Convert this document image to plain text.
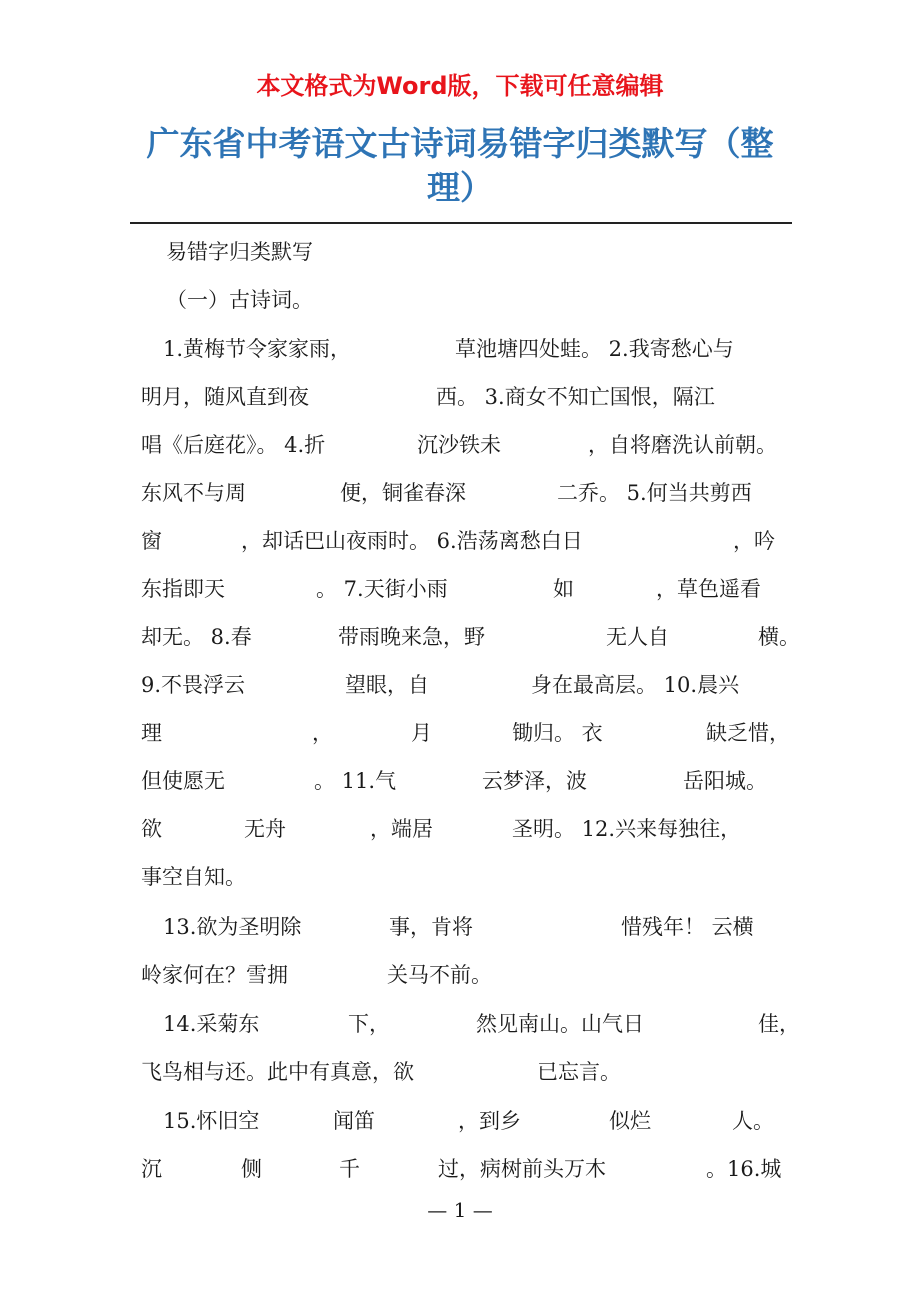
本文格式为Word版，下载可任意编辑
广东省中考语文古诗词易错字归类默写（整理）
易错字归类默写
（一）古诗词。
1.黄梅节令家家雨，	草池塘四处蛙。 2.我寄愁心与
明月，随风直到夜	西。 3.商女不知亡国恨，隔江
唱《后庭花》。 4.折	沉沙铁未	，自将磨洗认前朝。
东风不与周	便，铜雀春深	二乔。 5.何当共剪西
窗	，却话巴山夜雨时。 6.浩荡离愁白日	，吟
东指即天	。 7.天街小雨	如	，草色遥看
却无。 8.春	带雨晚来急，野	无人自	横。
9.不畏浮云	望眼，自	身在最高层。 10.晨兴
理	，	月	锄归。 衣	缺乏惜，
但使愿无	。 11.气	云梦泽，波	岳阳城。
欲	无舟	，端居	圣明。 12.兴来每独往，
事空自知。
13.欲为圣明除	事，肯将	惜残年！ 云横
岭家何在？雪拥	关马不前。
14.采菊东	下，	然见南山。山气日	佳，
飞鸟相与还。此中有真意，欲	已忘言。
15.怀旧空	闻笛	，到乡	似烂	人。
沉	侧	千	过，病树前头万木	。16.城
— 1 —
